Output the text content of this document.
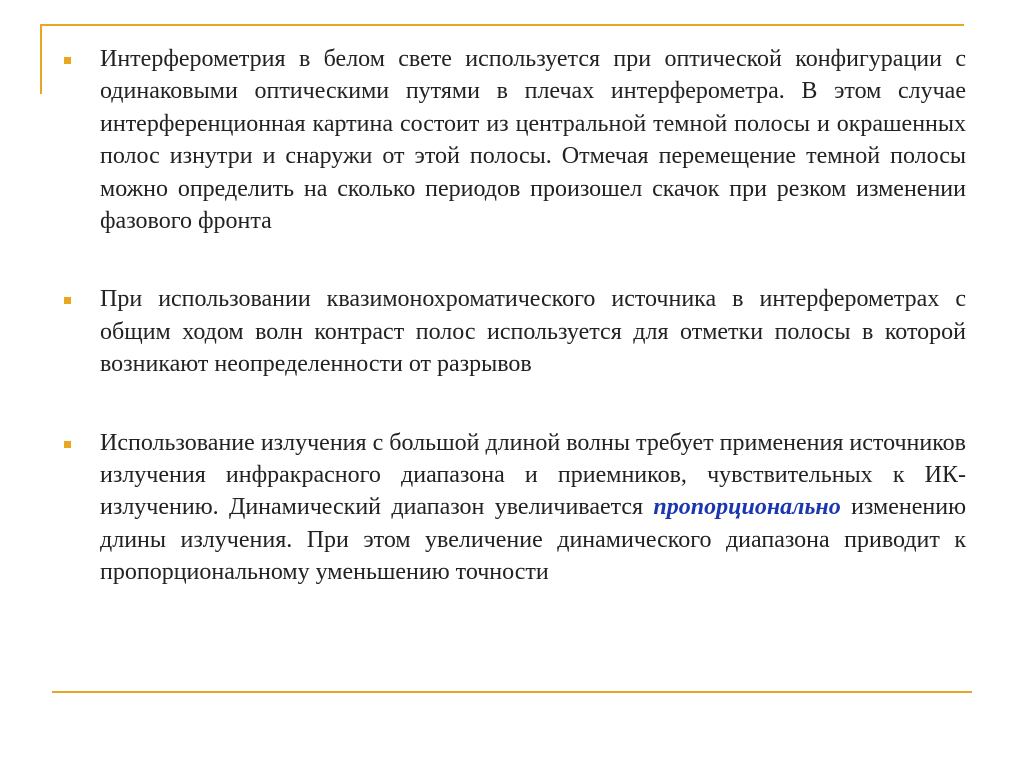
Интерферометрия в белом свете используется при оптической конфигурации с одинаковыми оптическими путями в плечах интерферометра. В этом случае интерференционная картина состоит из центральной темной полосы и окрашенных полос изнутри и снаружи от этой полосы. Отмечая перемещение темной полосы можно определить на сколько периодов произошел скачок при резком изменении фазового фронта

При использовании квазимонохроматического источника в интерферометрах с общим ходом волн контраст полос используется для отметки полосы в которой возникают неопределенности от разрывов

Использование излучения с большой длиной волны требует применения источников излучения инфракрасного диапазона и приемников, чувствительных к ИК-излучению. Динамический диапазон увеличивается пропорционально изменению длины излучения. При этом увеличение динамического диапазона приводит к пропорциональному уменьшению точности
